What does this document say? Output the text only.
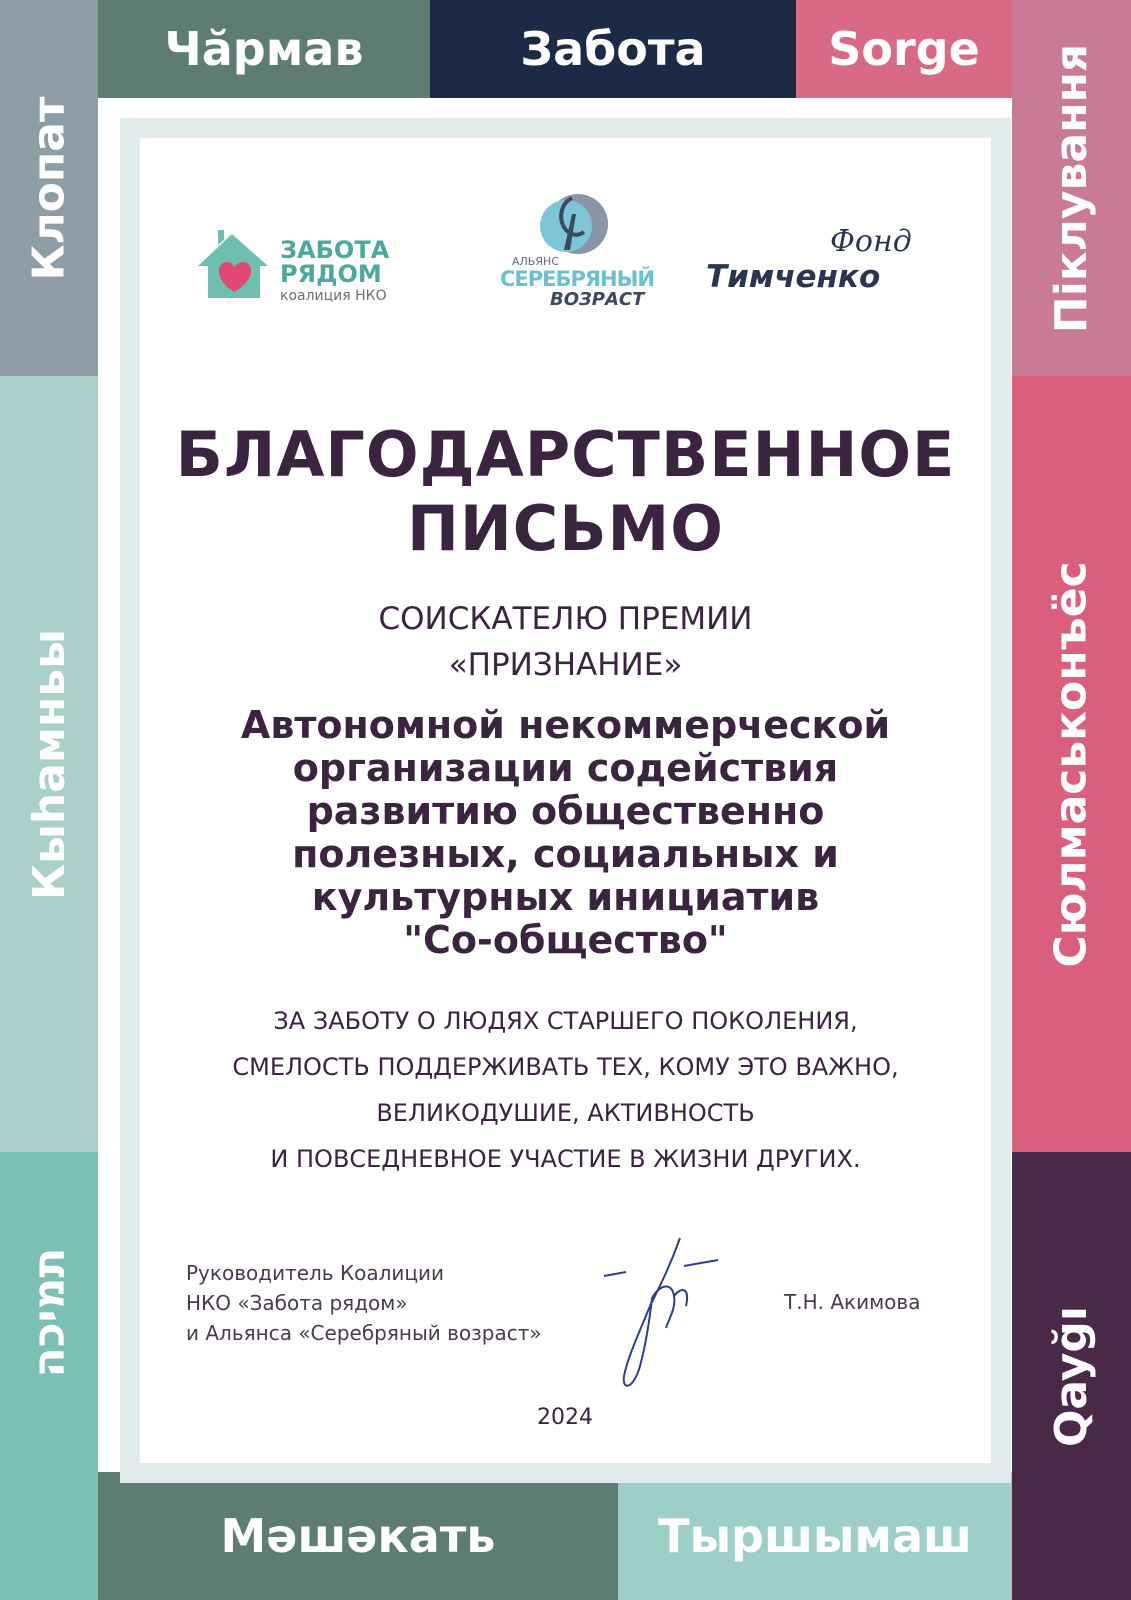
Чӑрмав	Забота	Sorge
Клопат
Кыһамньы
תמיכה
Піклування
Сюлмаськонъёс
Qayğı
Мәшәкать	Тыршымаш
ЗАБОТА
РЯДОМ
коалиция НКО
АЛЬЯНС
СЕРЕБРЯНЫЙ
ВОЗРАСТ
Фонд
Тимченко
БЛАГОДАРСТВЕННОЕ
ПИСЬМО
СОИСКАТЕЛЮ ПРЕМИИ
«ПРИЗНАНИЕ»
Автономной некоммерческой
организации содействия
развитию общественно
полезных, социальных и
культурных инициатив
"Со-общество"
ЗА ЗАБОТУ О ЛЮДЯХ СТАРШЕГО ПОКОЛЕНИЯ,
СМЕЛОСТЬ ПОДДЕРЖИВАТЬ ТЕХ, КОМУ ЭТО ВАЖНО,
ВЕЛИКОДУШИЕ, АКТИВНОСТЬ
И ПОВСЕДНЕВНОЕ УЧАСТИЕ В ЖИЗНИ ДРУГИХ.
Руководитель Коалиции
НКО «Забота рядом»
и Альянса «Серебряный возраст»
Т.Н. Акимова
2024
